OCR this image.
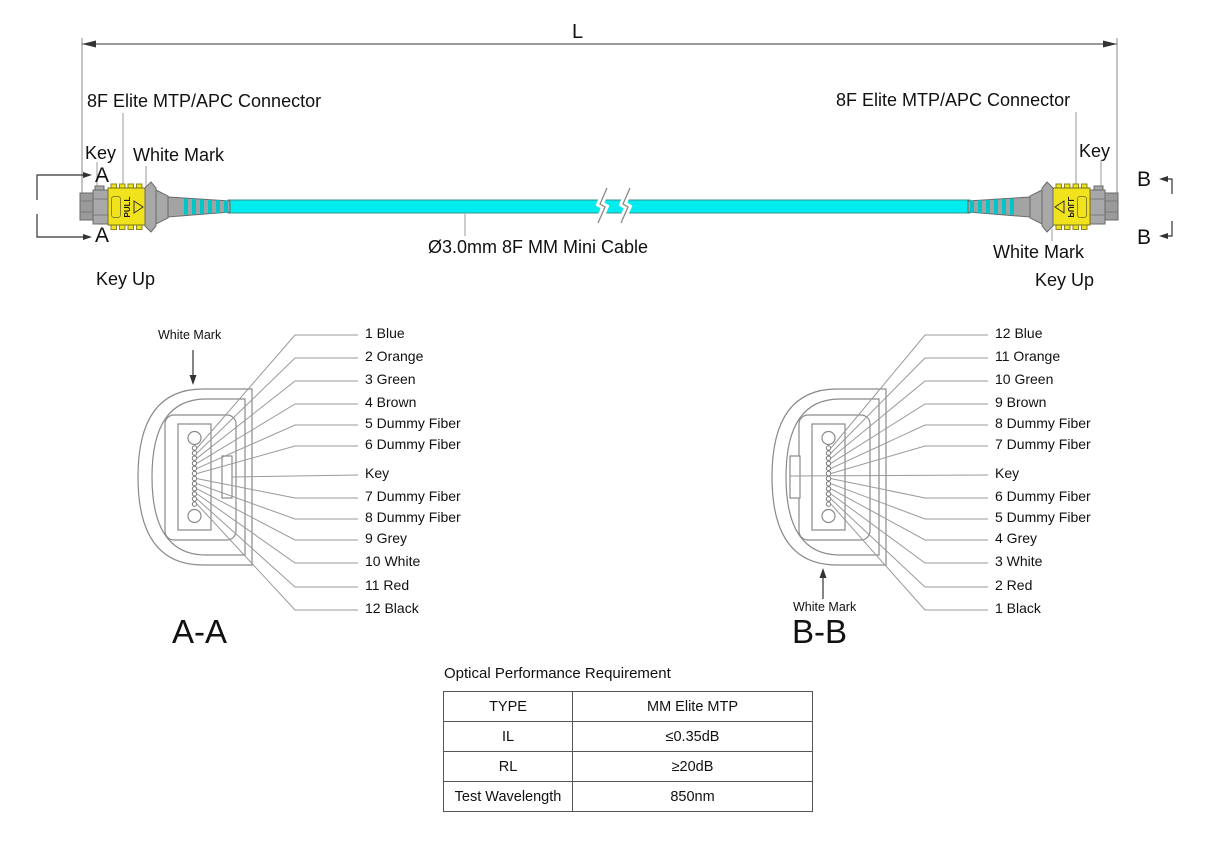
PULL
L
8F Elite MTP/APC Connector	8F Elite MTP/APC Connector
Key White Mark	Key
White Mark
Key Up	Key Up
A
A
B
B
Ø3.0mm 8F MM Mini Cable
White Mark
White Mark
A-A	B-B
1 Blue
2 Orange
3 Green
4 Brown
5 Dummy Fiber
6 Dummy Fiber
Key
7 Dummy Fiber
8 Dummy Fiber
9 Grey
10 White
11 Red
12 Black
12 Blue
11 Orange
10 Green
9 Brown
8 Dummy Fiber
7 Dummy Fiber
Key
6 Dummy Fiber
5 Dummy Fiber
4 Grey
3 White
2 Red
1 Black
Optical Performance Requirement
TYPE	MM Elite MTP
IL	≤0.35dB
RL	≥20dB
Test Wavelength	850nm
